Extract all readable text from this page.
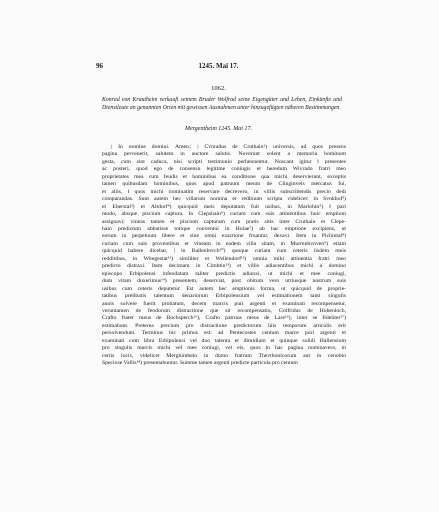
96	1245. Mai 17.
1062.

Konrad von Krautheim verkauft seinem Bruder Wolfrad seine Eigengüter und Lehen, Einkünfte und Dienstleute an genannten Orten mit gewissen Ausnahmen unter hinzugefügten näheren Bestimmungen.

Mergentheim 1245. Mai 17.
| In nomine domini. Amen.¦ | Cvnradus de Cruthain¹) universis, ad quos presens
pagina pervenerit, salutem in auctore salutis. Noverunt solent a memoria hominum
gesta, cum sint caduca, nisi scripti testimonio perhennentur. Noscant igitur ‖ presentes
ac posteri, quod ego de consensu legitime coniugis et heredum Wivrado fratri meo
proprietates mea cum feudis et hominibus ea conditione qua michi deservierunt, exceptis
tamen quibusdam hominibus, quos apud patruum meum de Clinginvels mercatus fui,
et aliis, ‖ quos michi nominatim reservare decrevero, in villis subscribendis precio dedi
comparandas. Sunt autem hec villarum nomina et redituum scripta videlicet: in Svnkhof²)
et Eberstal³) et Altdorf⁴) quicquid meis deputatum fuit usibus, in Marlohin⁵) ‖ pari
modo, absque piscium captura. In Clepshain⁶) curiam cum suis attinentibus huic emptioni
assignavi; vineas tamen et piscium capturam cum pratis sitis inter Cruthain et Clepe-
hain predictum abbatisse totique conventui in Holae⁷) ab hac emptione excipiens, ut
eorum in perpetuum libere et sine omni exactione fruantur, dexavi. Item in Pichintal⁸)
curiam cum suis proventibus et vineam in eadem villa sitam, in Murrenbvnven⁹) etiam
quicquid habere dicebar, | in Ballenbvrch¹⁰) quoque curiam cum ceteris iisdem meis
redditibus, in Witegestat¹¹) similiter et Wellendorf¹²) omnia mihi attinentia fratri meo
predicto distraxi. Item decimam in Cimbtin¹³) et villis adiacentibus michi a domino
episcopo Erbipolensi infeodatam taliter predictis adiunxi, ut michi et mee coniugi,
dum vitam duxerimus¹⁴) presentem, deserviat, post obitum vero utriusque nostrum suis
usibus cum ceteris deputetur. Est autem hec emptionis forma, ut quicquid de proprie-
tatibus prelibatis talentum denariorum Erbipolensium vel estimationem tanti singulis
annis solvere fuerit probatum, decem marcis puri argenti et examinati recompensetur,
veruntamen de feodorum distractione que sit recompensatio, Gotfridus de Hohenloch,
Crafto frater meus de Bochsperch¹⁵), Crafto patruus meus de Lare¹⁶), inter se fideliter¹⁷)
estimabunt. Preterea precium pro distractione predictorum hiis temporum articulis erit
persolvendum. Terminus hic primus est: ad Pentecostes centum marce puri argenti et
examinati cum libra Erbipolensi vel duo talenta et dimidium et quinque solidi Hallensium
pro singulis marcis michi vel mee coniugi, vel eis, quos in hac pagina nominavero, in
certis locis, videlicet Merghinthein in domo fratrum Thevthonicorum aut in cenobio
Speciose Vallis¹⁸) presentabuntur. Summe tamen argenti predicte particula pro centum
